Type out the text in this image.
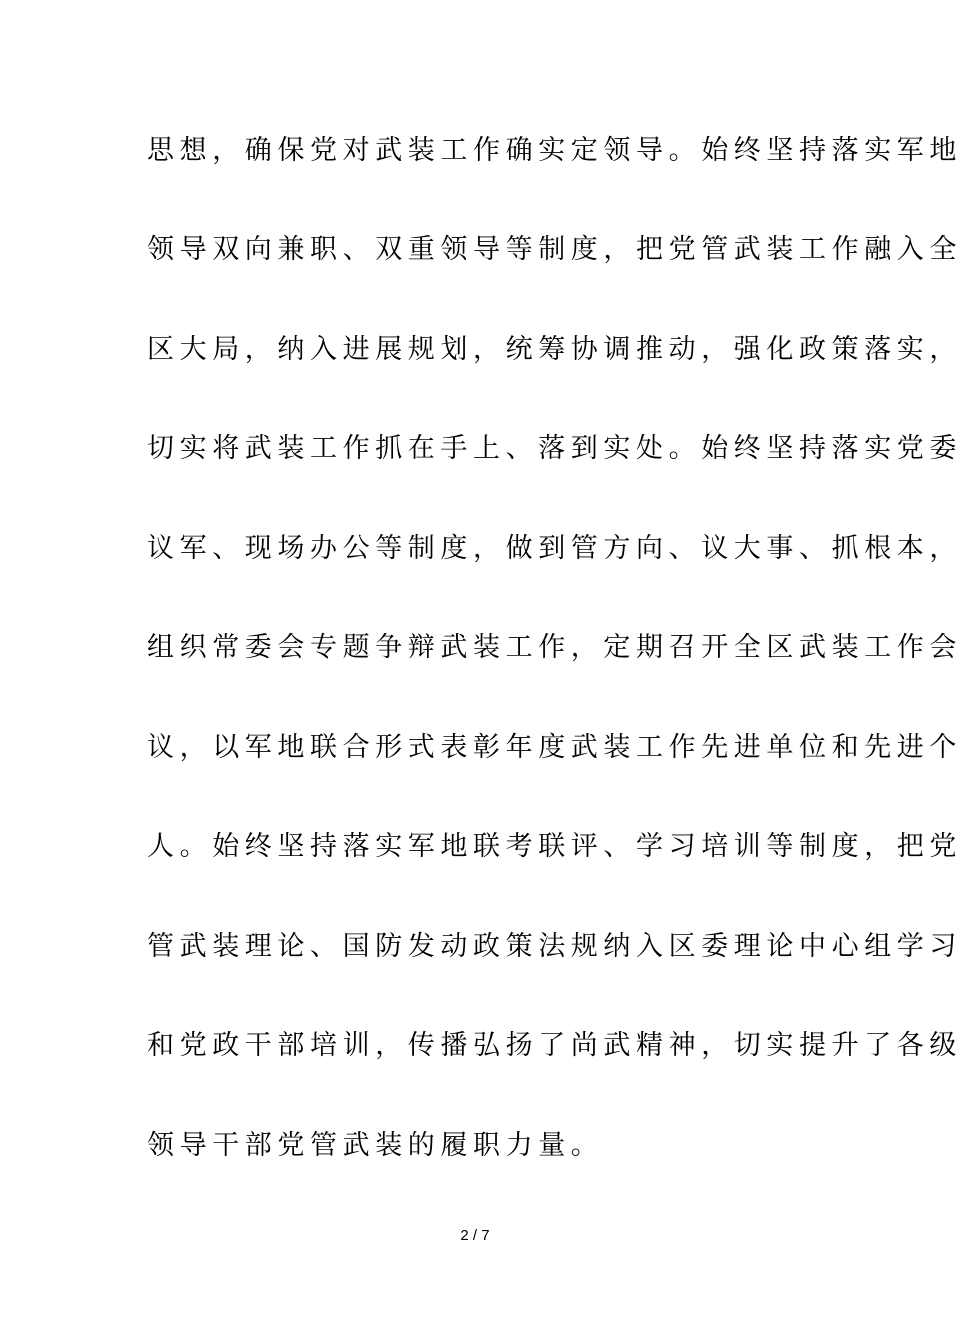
思想，确保党对武装工作确实定领导。始终坚持落实军地
领导双向兼职、双重领导等制度，把党管武装工作融入全
区大局，纳入进展规划，统筹协调推动，强化政策落实，
切实将武装工作抓在手上、落到实处。始终坚持落实党委
议军、现场办公等制度，做到管方向、议大事、抓根本，
组织常委会专题争辩武装工作，定期召开全区武装工作会
议，以军地联合形式表彰年度武装工作先进单位和先进个
人。始终坚持落实军地联考联评、学习培训等制度，把党
管武装理论、国防发动政策法规纳入区委理论中心组学习
和党政干部培训，传播弘扬了尚武精神，切实提升了各级
领导干部党管武装的履职力量。
2 / 7
